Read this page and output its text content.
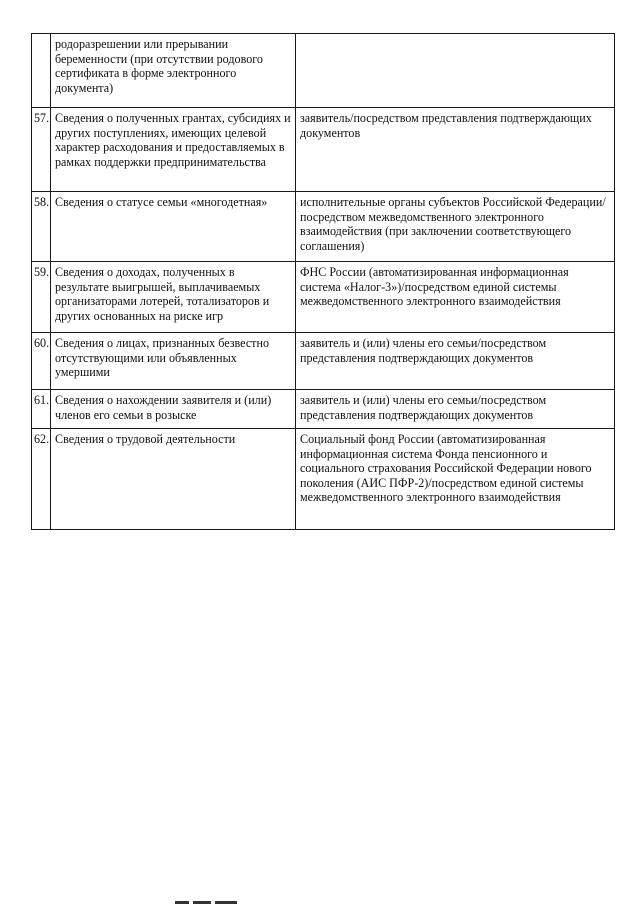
	родоразрешении или прерывании беременности (при отсутствии родового сертификата в форме электронного документа)	
57.	Сведения о полученных грантах, субсидиях и других поступлениях, имеющих целевой характер расходования и предоставляемых в рамках поддержки предпринимательства	заявитель/посредством представления подтверждающих документов
58.	Сведения о статусе семьи «многодетная»	исполнительные органы субъектов Российской Федерации/посредством межведомственного электронного взаимодействия (при заключении соответствующего соглашения)
59.	Сведения о доходах, полученных в результате выигрышей, выплачиваемых организаторами лотерей, тотализаторов и других основанных на риске игр	ФНС России (автоматизированная информационная система «Налог-3»)/посредством единой системы межведомственного электронного взаимодействия
60.	Сведения о лицах, признанных безвестно отсутствующими или объявленных умершими	заявитель и (или) члены его семьи/посредством представления подтверждающих документов
61.	Сведения о нахождении заявителя и (или) членов его семьи в розыске	заявитель и (или) члены его семьи/посредством представления подтверждающих документов
62.	Сведения о трудовой деятельности	Социальный фонд России (автоматизированная информационная система Фонда пенсионного и социального страхования Российской Федерации нового поколения (АИС ПФР-2)/посредством единой системы межведомственного электронного взаимодействия
